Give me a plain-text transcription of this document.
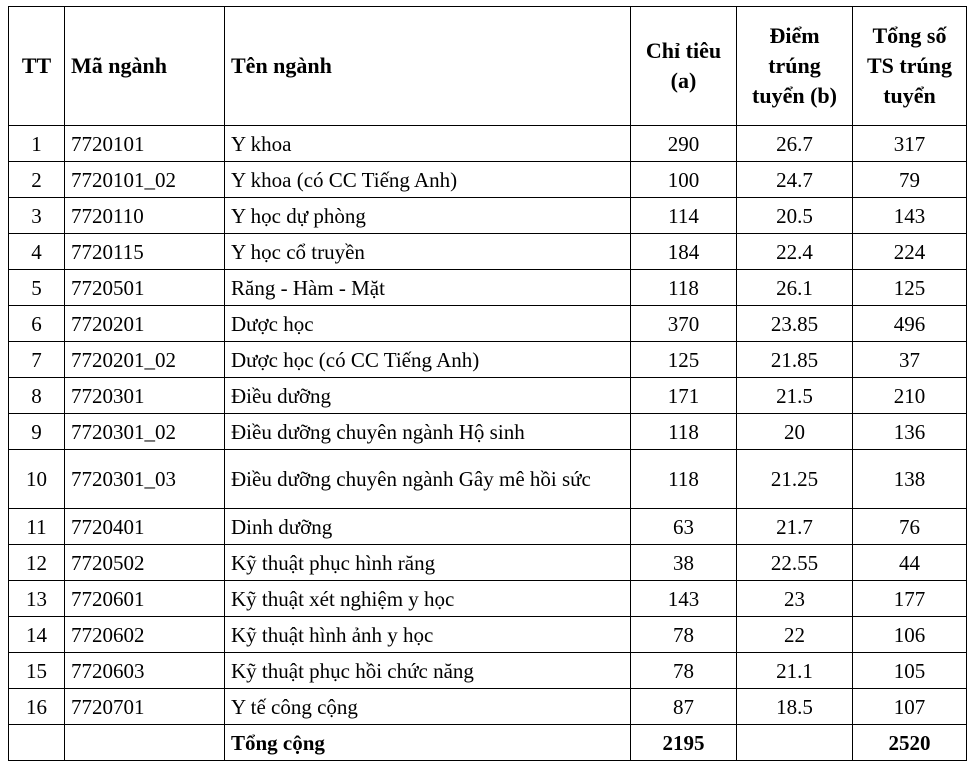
TT	Mã ngành	Tên ngành	Chỉ tiêu (a)	Điểm trúng tuyển (b)	Tổng số TS trúng tuyển
1	7720101	Y khoa	290	26.7	317
2	7720101_02	Y khoa (có CC Tiếng Anh)	100	24.7	79
3	7720110	Y học dự phòng	114	20.5	143
4	7720115	Y học cổ truyền	184	22.4	224
5	7720501	Răng - Hàm - Mặt	118	26.1	125
6	7720201	Dược học	370	23.85	496
7	7720201_02	Dược học (có CC Tiếng Anh)	125	21.85	37
8	7720301	Điều dưỡng	171	21.5	210
9	7720301_02	Điều dưỡng chuyên ngành Hộ sinh	118	20	136
10	7720301_03	Điều dưỡng chuyên ngành Gây mê hồi sức	118	21.25	138
11	7720401	Dinh dưỡng	63	21.7	76
12	7720502	Kỹ thuật phục hình răng	38	22.55	44
13	7720601	Kỹ thuật xét nghiệm y học	143	23	177
14	7720602	Kỹ thuật hình ảnh y học	78	22	106
15	7720603	Kỹ thuật phục hồi chức năng	78	21.1	105
16	7720701	Y tế công cộng	87	18.5	107
		Tổng cộng	2195		2520
